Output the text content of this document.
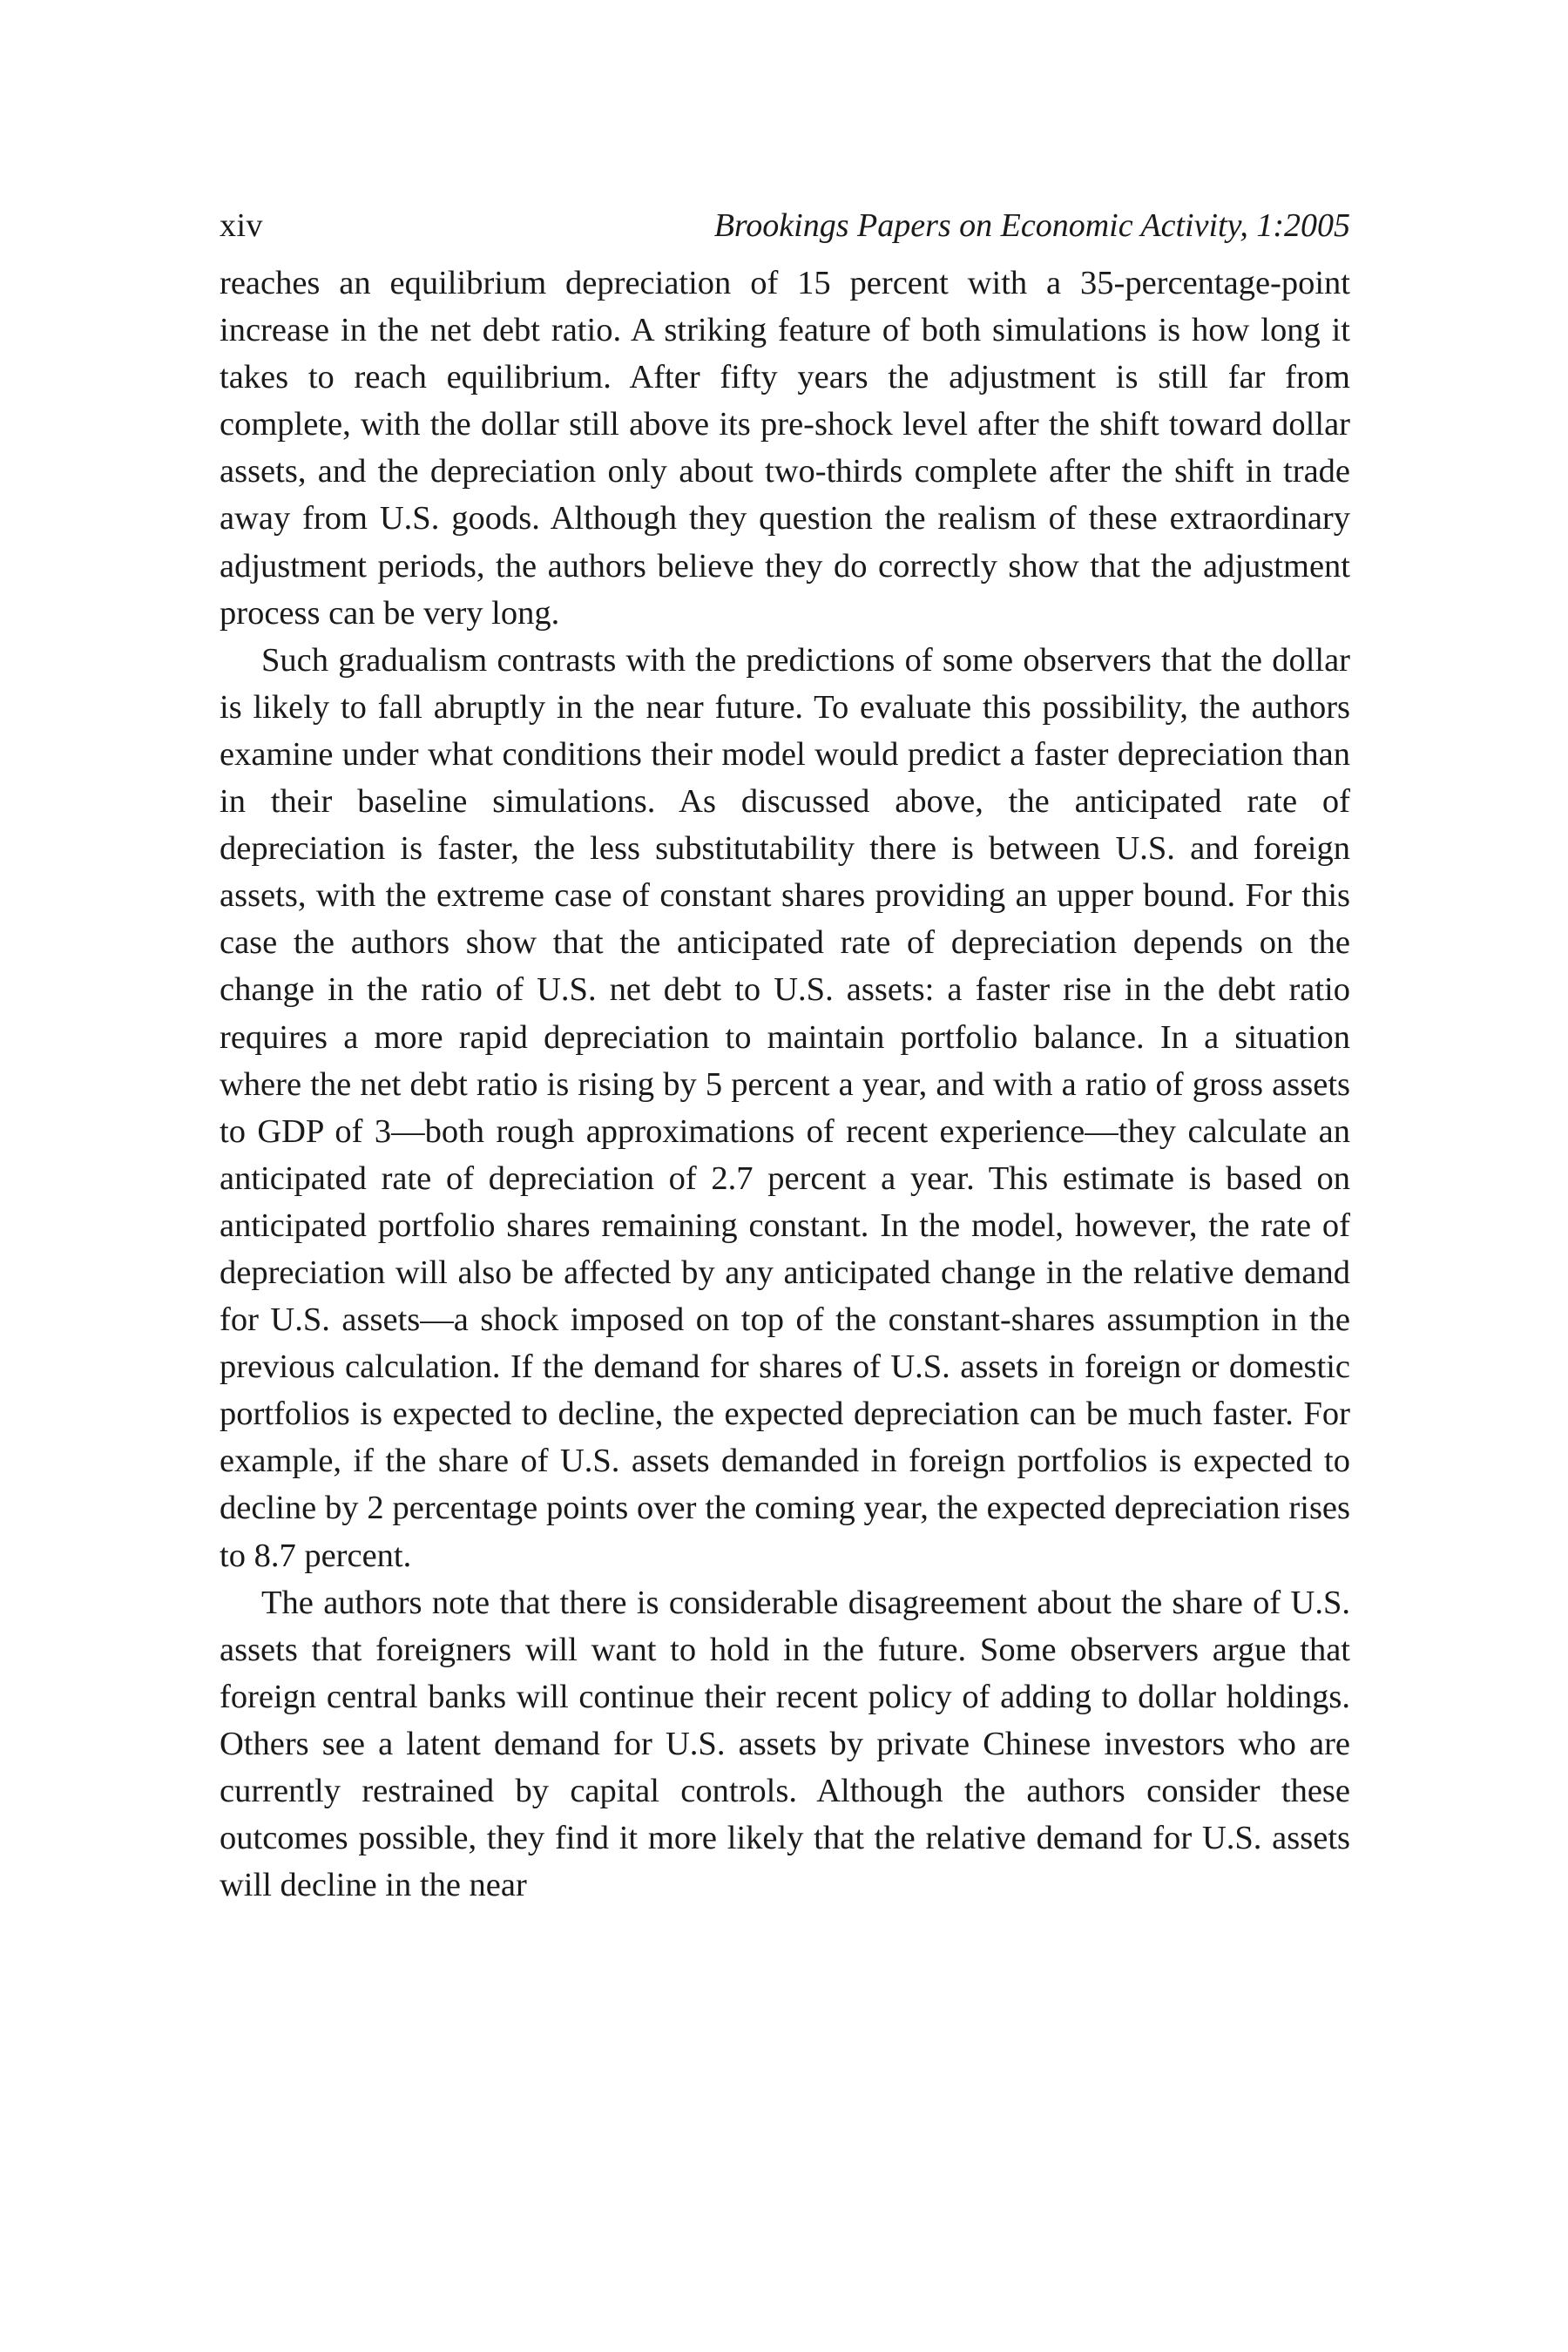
xiv	Brookings Papers on Economic Activity, 1:2005

reaches an equilibrium depreciation of 15 percent with a 35-percentage-point increase in the net debt ratio. A striking feature of both simulations is how long it takes to reach equilibrium. After fifty years the adjustment is still far from complete, with the dollar still above its pre-shock level after the shift toward dollar assets, and the depreciation only about two-thirds complete after the shift in trade away from U.S. goods. Although they question the realism of these extraordinary adjustment periods, the authors believe they do correctly show that the adjustment process can be very long.

Such gradualism contrasts with the predictions of some observers that the dollar is likely to fall abruptly in the near future. To evaluate this possibility, the authors examine under what conditions their model would predict a faster depreciation than in their baseline simulations. As discussed above, the anticipated rate of depreciation is faster, the less substitutability there is between U.S. and foreign assets, with the extreme case of constant shares providing an upper bound. For this case the authors show that the anticipated rate of depreciation depends on the change in the ratio of U.S. net debt to U.S. assets: a faster rise in the debt ratio requires a more rapid depreciation to maintain portfolio balance. In a situation where the net debt ratio is rising by 5 percent a year, and with a ratio of gross assets to GDP of 3—both rough approximations of recent experience—they calculate an anticipated rate of depreciation of 2.7 percent a year. This estimate is based on anticipated portfolio shares remaining constant. In the model, however, the rate of depreciation will also be affected by any anticipated change in the relative demand for U.S. assets—a shock imposed on top of the constant-shares assumption in the previous calculation. If the demand for shares of U.S. assets in foreign or domestic portfolios is expected to decline, the expected depreciation can be much faster. For example, if the share of U.S. assets demanded in foreign portfolios is expected to decline by 2 percentage points over the coming year, the expected depreciation rises to 8.7 percent.

The authors note that there is considerable disagreement about the share of U.S. assets that foreigners will want to hold in the future. Some observers argue that foreign central banks will continue their recent policy of adding to dollar holdings. Others see a latent demand for U.S. assets by private Chinese investors who are currently restrained by capital controls. Although the authors consider these outcomes possible, they find it more likely that the relative demand for U.S. assets will decline in the near
